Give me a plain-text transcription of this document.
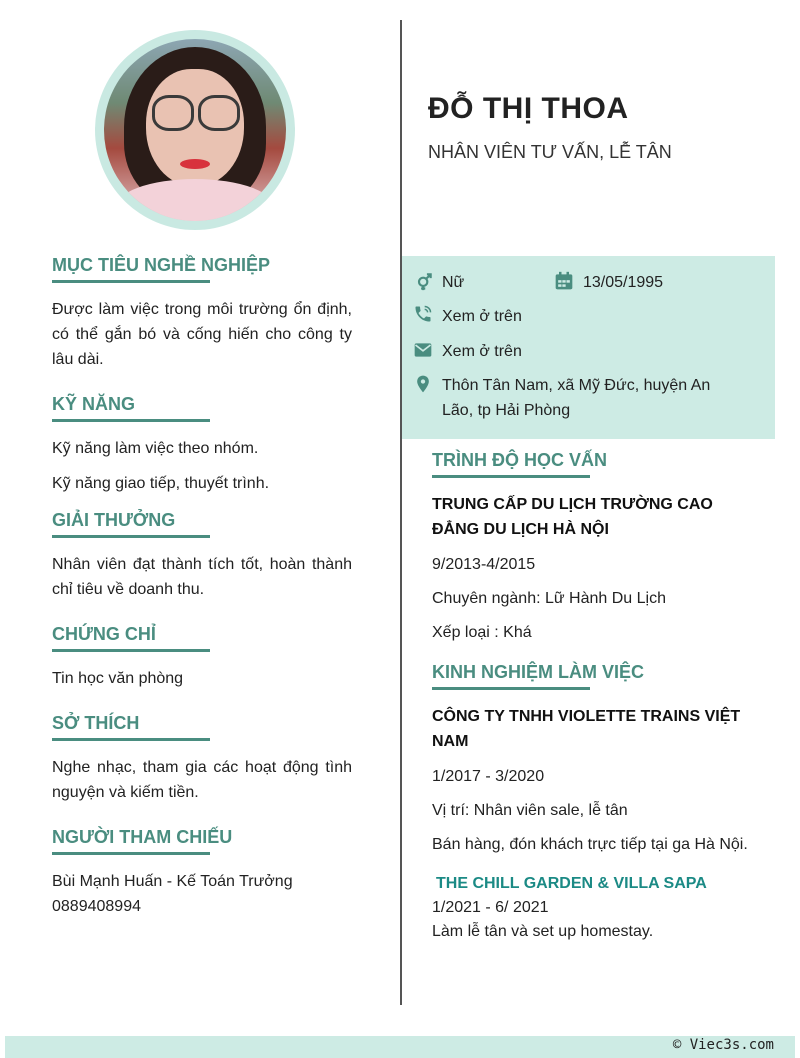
ĐỖ THỊ THOA
NHÂN VIÊN TƯ VẤN, LỄ TÂN
MỤC TIÊU NGHỀ NGHIỆP

Được làm việc trong môi trường ổn định, có thể gắn bó và cống hiến cho công ty lâu dài.

KỸ NĂNG

Kỹ năng làm việc theo nhóm.

Kỹ năng giao tiếp, thuyết trình.

GIẢI THƯỞNG

Nhân viên đạt thành tích tốt, hoàn thành chỉ tiêu về doanh thu.

CHỨNG CHỈ

Tin học văn phòng

SỞ THÍCH

Nghe nhạc, tham gia các hoạt động tình nguyện và kiếm tiền.

NGƯỜI THAM CHIẾU

Bùi Mạnh Huấn - Kế Toán Trưởng

0889408994

Nữ	13/05/1995
Xem ở trên
Xem ở trên
Thôn Tân Nam, xã Mỹ Đức, huyện An Lão, tp Hải Phòng
TRÌNH ĐỘ HỌC VẤN

TRUNG CẤP DU LỊCH TRƯỜNG CAO ĐẲNG DU LỊCH HÀ NỘI

9/2013-4/2015

Chuyên ngành: Lữ Hành Du Lịch

Xếp loại : Khá

KINH NGHIỆM LÀM VIỆC

CÔNG TY TNHH VIOLETTE TRAINS VIỆT NAM

1/2017 - 3/2020

Vị trí: Nhân viên sale, lễ tân

Bán hàng, đón khách trực tiếp tại ga Hà Nội.

THE CHILL GARDEN & VILLA SAPA

1/2021 - 6/ 2021

Làm lễ tân và set up homestay.

© Viec3s.com
